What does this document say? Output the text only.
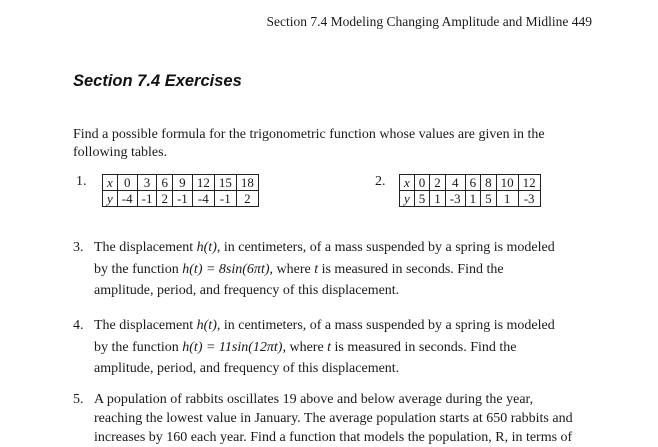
Section 7.4 Modeling Changing Amplitude and Midline 449
Section 7.4 Exercises

Find a possible formula for the trigonometric function whose values are given in the following tables.

1. x	0	3	6	9	12	15	18
y	-4	-1	2	-1	-4	-1	2
2. x	0	2	4	6	8	10	12
y	5	1	-3	1	5	1	-3
3. The displacement h(t), in centimeters, of a mass suspended by a spring is modeled

by the function h(t) = 8sin(6πt), where t is measured in seconds. Find the

amplitude, period, and frequency of this displacement.

4. The displacement h(t), in centimeters, of a mass suspended by a spring is modeled

by the function h(t) = 11sin(12πt), where t is measured in seconds. Find the

amplitude, period, and frequency of this displacement.

5. A population of rabbits oscillates 19 above and below average during the year,

reaching the lowest value in January. The average population starts at 650 rabbits and

increases by 160 each year. Find a function that models the population, R, in terms of
